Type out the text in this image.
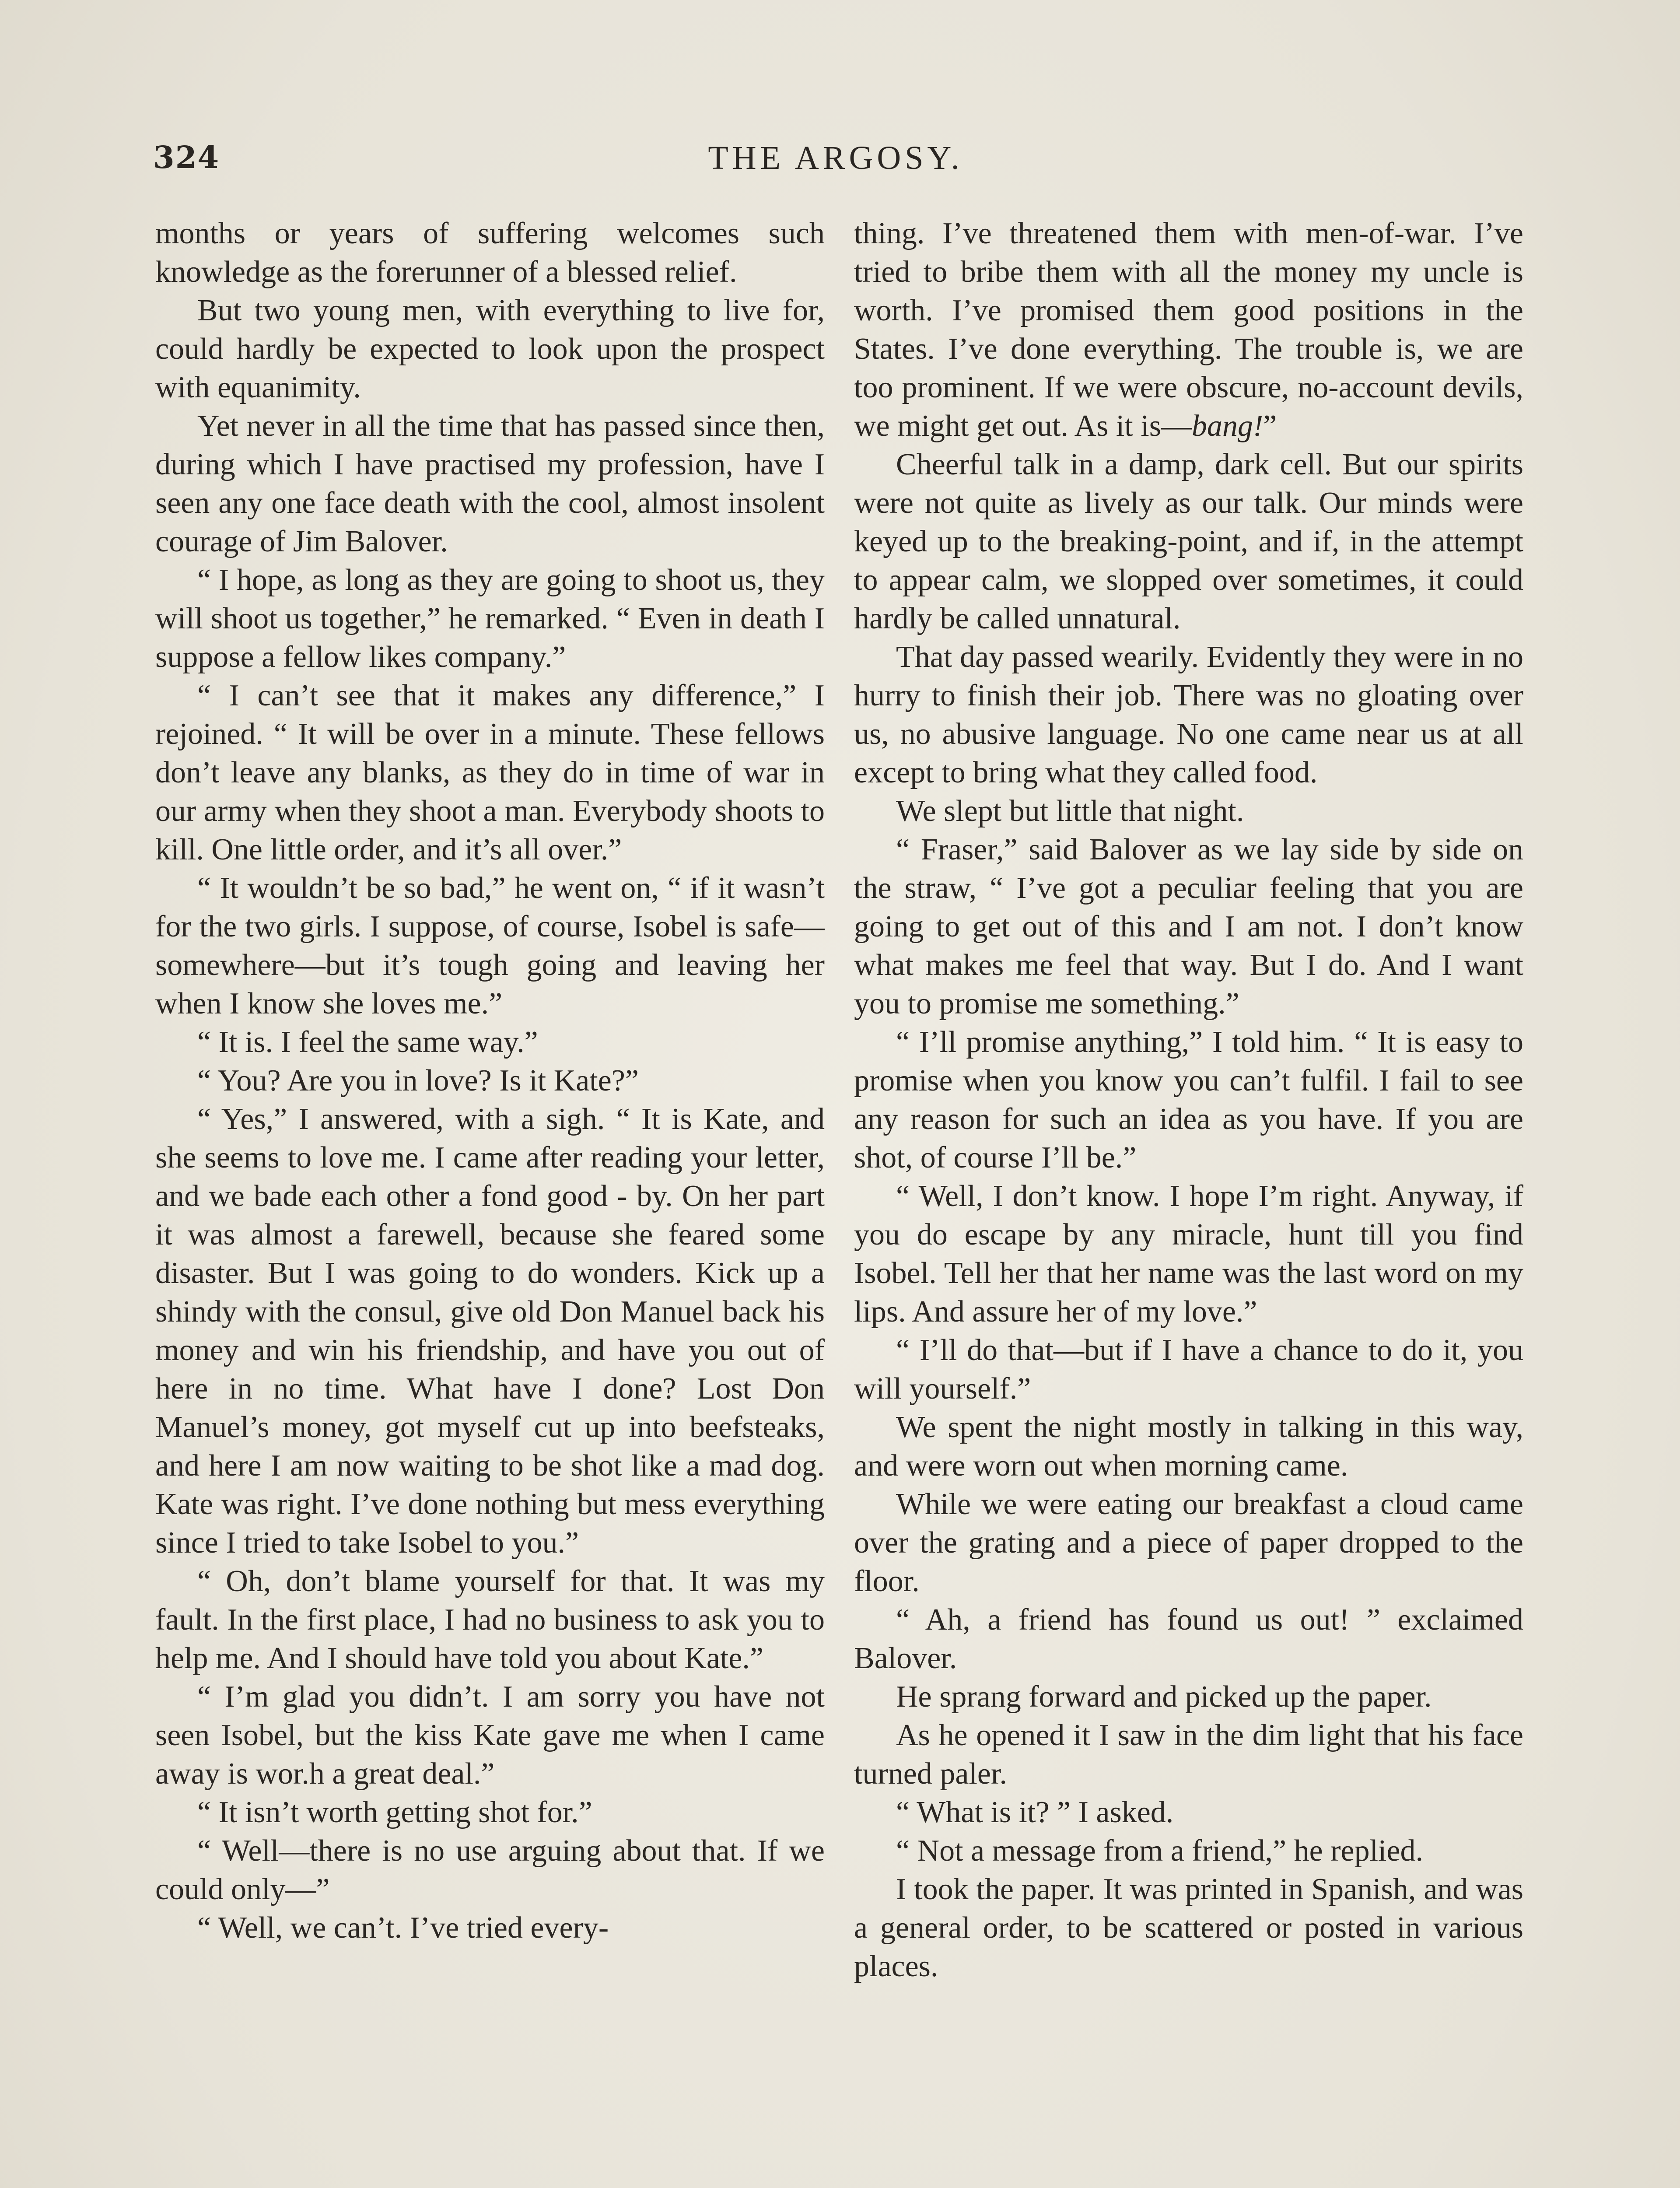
324	THE ARGOSY.

months or years of suffering welcomes such knowledge as the forerunner of a blessed relief.

But two young men, with everything to live for, could hardly be expected to look upon the prospect with equanimity.

Yet never in all the time that has passed since then, during which I have practised my profession, have I seen any one face death with the cool, almost insolent courage of Jim Balover.

“ I hope, as long as they are going to shoot us, they will shoot us together,” he remarked. “ Even in death I suppose a fellow likes company.”

“ I can’t see that it makes any difference,” I rejoined. “ It will be over in a minute. These fellows don’t leave any blanks, as they do in time of war in our army when they shoot a man. Everybody shoots to kill. One little order, and it’s all over.”

“ It wouldn’t be so bad,” he went on, “ if it wasn’t for the two girls. I suppose, of course, Isobel is safe—somewhere—but it’s tough going and leaving her when I know she loves me.”

“ It is. I feel the same way.”

“ You? Are you in love? Is it Kate?”

“ Yes,” I answered, with a sigh. “ It is Kate, and she seems to love me. I came after reading your letter, and we bade each other a fond good - by. On her part it was almost a farewell, because she feared some disaster. But I was going to do wonders. Kick up a shindy with the consul, give old Don Manuel back his money and win his friendship, and have you out of here in no time. What have I done? Lost Don Manuel’s money, got myself cut up into beefsteaks, and here I am now waiting to be shot like a mad dog. Kate was right. I’ve done nothing but mess everything since I tried to take Isobel to you.”

“ Oh, don’t blame yourself for that. It was my fault. In the first place, I had no business to ask you to help me. And I should have told you about Kate.”

“ I’m glad you didn’t. I am sorry you have not seen Isobel, but the kiss Kate gave me when I came away is wor.h a great deal.”

“ It isn’t worth getting shot for.”

“ Well—there is no use arguing about that. If we could only—”

“ Well, we can’t. I’ve tried every-

thing. I’ve threatened them with men-of-war. I’ve tried to bribe them with all the money my uncle is worth. I’ve promised them good positions in the States. I’ve done everything. The trouble is, we are too prominent. If we were obscure, no-account devils, we might get out. As it is—bang!”

Cheerful talk in a damp, dark cell. But our spirits were not quite as lively as our talk. Our minds were keyed up to the breaking-point, and if, in the attempt to appear calm, we slopped over sometimes, it could hardly be called unnatural.

That day passed wearily. Evidently they were in no hurry to finish their job. There was no gloating over us, no abusive language. No one came near us at all except to bring what they called food.

We slept but little that night.

“ Fraser,” said Balover as we lay side by side on the straw, “ I’ve got a peculiar feeling that you are going to get out of this and I am not. I don’t know what makes me feel that way. But I do. And I want you to promise me something.”

“ I’ll promise anything,” I told him. “ It is easy to promise when you know you can’t fulfil. I fail to see any reason for such an idea as you have. If you are shot, of course I’ll be.”

“ Well, I don’t know. I hope I’m right. Anyway, if you do escape by any miracle, hunt till you find Isobel. Tell her that her name was the last word on my lips. And assure her of my love.”

“ I’ll do that—but if I have a chance to do it, you will yourself.”

We spent the night mostly in talking in this way, and were worn out when morning came.

While we were eating our breakfast a cloud came over the grating and a piece of paper dropped to the floor.

“ Ah, a friend has found us out! ” exclaimed Balover.

He sprang forward and picked up the paper.

As he opened it I saw in the dim light that his face turned paler.

“ What is it? ” I asked.

“ Not a message from a friend,” he replied.

I took the paper. It was printed in Spanish, and was a general order, to be scattered or posted in various places.
